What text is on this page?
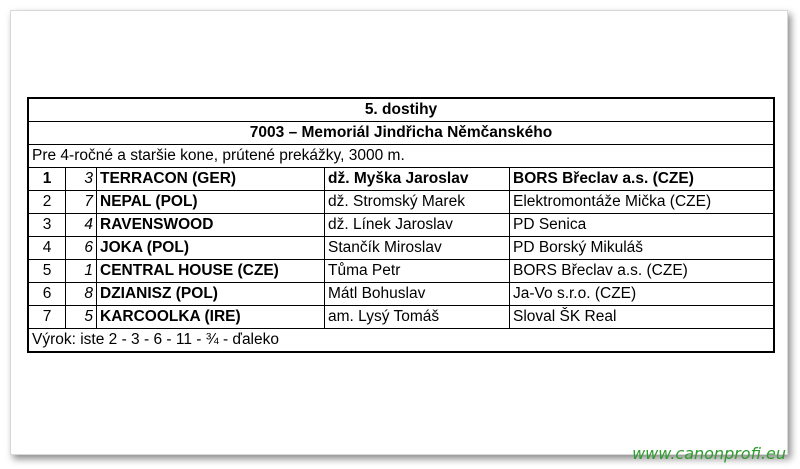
5. dostihy				
7003 – Memoriál Jindřicha Němčanského				
Pre 4-ročné a staršie kone, prútené prekážky, 3000 m.				
1	3	TERRACON (GER)	dž. Myška Jaroslav	BORS Břeclav a.s. (CZE)
2	7	NEPAL (POL)	dž. Stromský Marek	Elektromontáže Mička (CZE)
3	4	RAVENSWOOD	dž. Línek Jaroslav	PD Senica
4	6	JOKA (POL)	Stančík Miroslav	PD Borský Mikuláš
5	1	CENTRAL HOUSE (CZE)	Tůma Petr	BORS Břeclav a.s. (CZE)
6	8	DZIANISZ (POL)	Mátl Bohuslav	Ja-Vo s.r.o. (CZE)
7	5	KARCOOLKA (IRE)	am. Lysý Tomáš	Sloval ŠK Real
Výrok: iste 2 - 3 - 6 - 11 - ¾ - ďaleko				
www.canonprofi.eu
